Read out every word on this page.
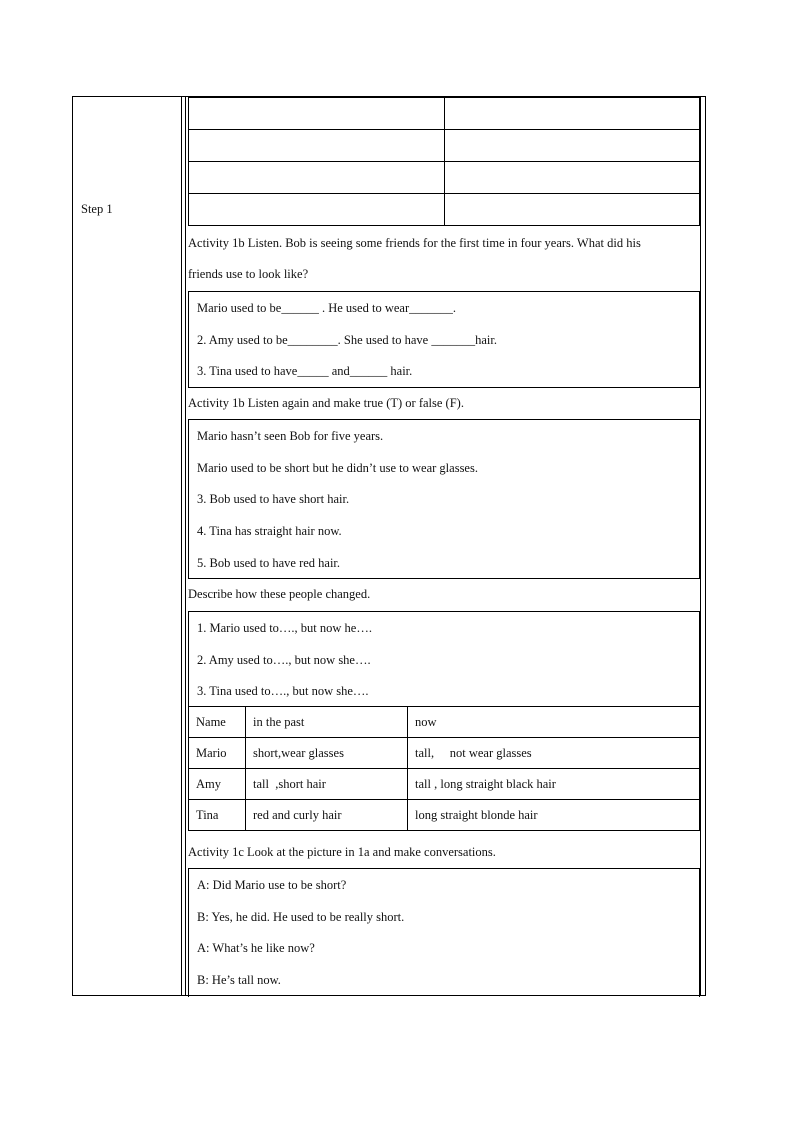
Step 1

Activity 1b Listen. Bob is seeing some friends for the first time in four years. What did his
friends use to look like?
Mario used to be______ . He used to wear_______.
2. Amy used to be________. She used to have _______hair.
3. Tina used to have_____ and______ hair.
Activity 1b Listen again and make true (T) or false (F).
Mario hasn’t seen Bob for five years.
Mario used to be short but he didn’t use to wear glasses.
3. Bob used to have short hair.
4. Tina has straight hair now.
5. Bob used to have red hair.
Describe how these people changed.
1. Mario used to…., but now he….
2. Amy used to…., but now she….
3. Tina used to…., but now she….
Name	in the past	now
Mario	short,wear glasses	tall,     not wear glasses
Amy	tall  ,short hair	tall , long straight black hair
Tina	red and curly hair	long straight blonde hair
Activity 1c Look at the picture in 1a and make conversations.
A: Did Mario use to be short?
B: Yes, he did. He used to be really short.
A: What’s he like now?
B: He’s tall now.
